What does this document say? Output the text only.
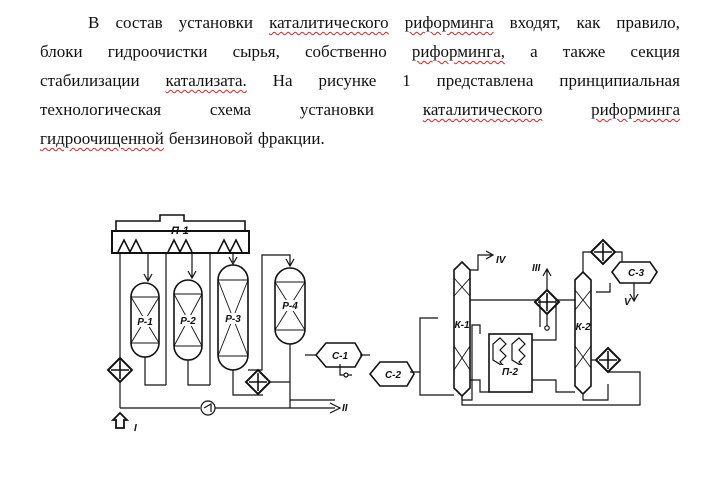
В состав установки каталитического риформинга входят, как правило,
блоки гидроочистки сырья, собственно риформинга, а также секция
стабилизации катализата. На рисунке 1 представлена принципиальная
технологическая	схема	установки	каталитического	риформинга
гидроочищенной бензиновой фракции.
П-1
Р-1	Р-2	Р-3
Р-4
I
II
С-1
С-2
К-1	К-2
П-2
IV
III	С-3
V
